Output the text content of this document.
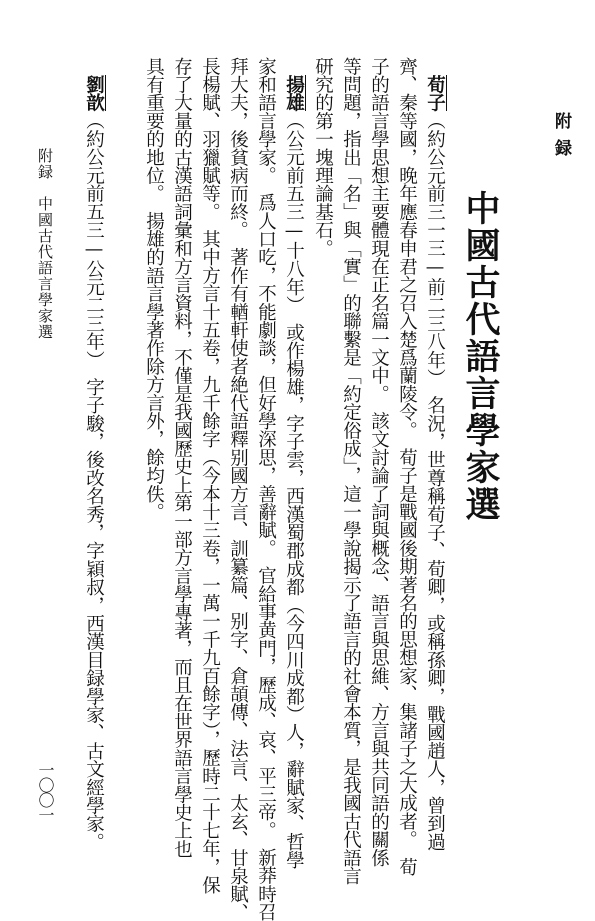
附録
中國古代語言學家選
荀子（約公元前三一三—前二三八年）　名況，世尊稱荀子、荀卿，或稱孫卿，戰國趙人，曾到過
齊、秦等國，晚年應春申君之召入楚爲蘭陵令。　荀子是戰國後期著名的思想家、集諸子之大成者。　荀
子的語言學思想主要體現在正名篇一文中。　該文討論了詞與概念、語言與思維、方言與共同語的關係
等問題，指出「名」與「實」的聯繫是「約定俗成」，這一學說揭示了語言的社會本質，是我國古代語言
研究的第一塊理論基石。
揚雄（公元前五三—十八年）　或作楊雄，字子雲，西漢蜀郡成都（今四川成都）人，辭賦家、哲學
家和語言學家。　爲人口吃，不能劇談，但好學深思，善辭賦。　官給事黄門，歷成、哀、平三帝。　新莽時召
拜大夫，後貧病而終。　著作有輶軒使者絶代語釋别國方言、訓纂篇、别字、倉頡傳、法言、太玄、甘泉賦、
長楊賦、羽獵賦等。　其中方言十五卷，九千餘字（今本十三卷，一萬一千九百餘字），歷時二十七年，保
存了大量的古漢語詞彙和方言資料，不僅是我國歷史上第一部方言學專著，而且在世界語言學史上也
具有重要的地位。　揚雄的語言學著作除方言外，餘均佚。
劉歆（約公元前五三—公元二三年）　字子駿，後改名秀，字穎叔，西漢目録學家、古文經學家。
附録　中國古代語言學家選
一〇〇一
